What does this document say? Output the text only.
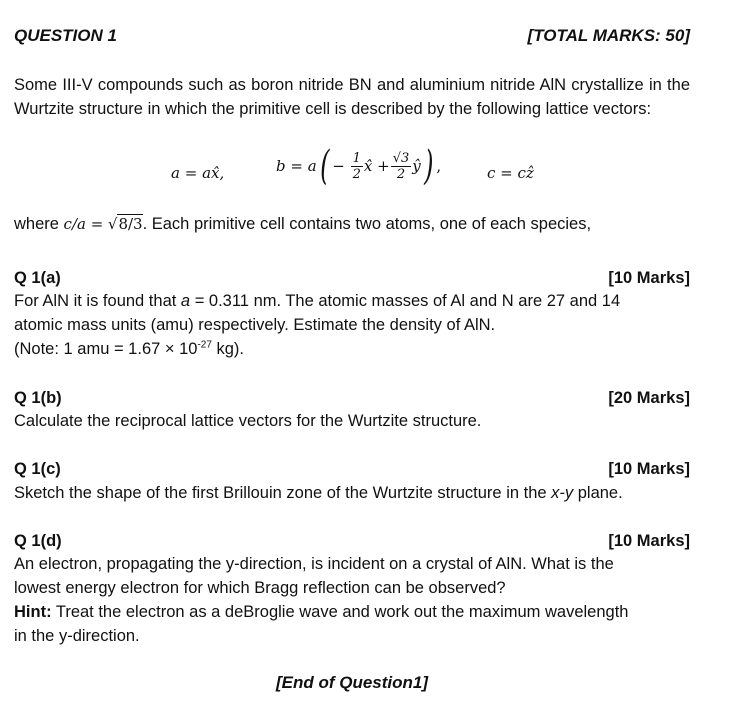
QUESTION 1	[TOTAL MARKS: 50]
Some III-V compounds such as boron nitride BN and aluminium nitride AlN crystallize in the Wurtzite structure in which the primitive cell is described by the following lattice vectors:
a = ax̂,	b = a ( − $\frac{1}{2}$ x̂ + $\frac{√3}{2}$ ŷ ) ,	c = cẑ
where c/a = √8/3. Each primitive cell contains two atoms, one of each species,
Q 1(a)	[10 Marks]
For AlN it is found that a = 0.311 nm. The atomic masses of Al and N are 27 and 14
atomic mass units (amu) respectively. Estimate the density of AlN.
(Note: 1 amu = $1.67 \times 10^{-27}$ kg).
Q 1(b)	[20 Marks]
Calculate the reciprocal lattice vectors for the Wurtzite structure.
Q 1(c)	[10 Marks]
Sketch the shape of the first Brillouin zone of the Wurtzite structure in the x-y plane.
Q 1(d)	[10 Marks]
An electron, propagating the y-direction, is incident on a crystal of AlN. What is the
lowest energy electron for which Bragg reflection can be observed?
Hint: Treat the electron as a deBroglie wave and work out the maximum wavelength
in the y-direction.
[End of Question1]
